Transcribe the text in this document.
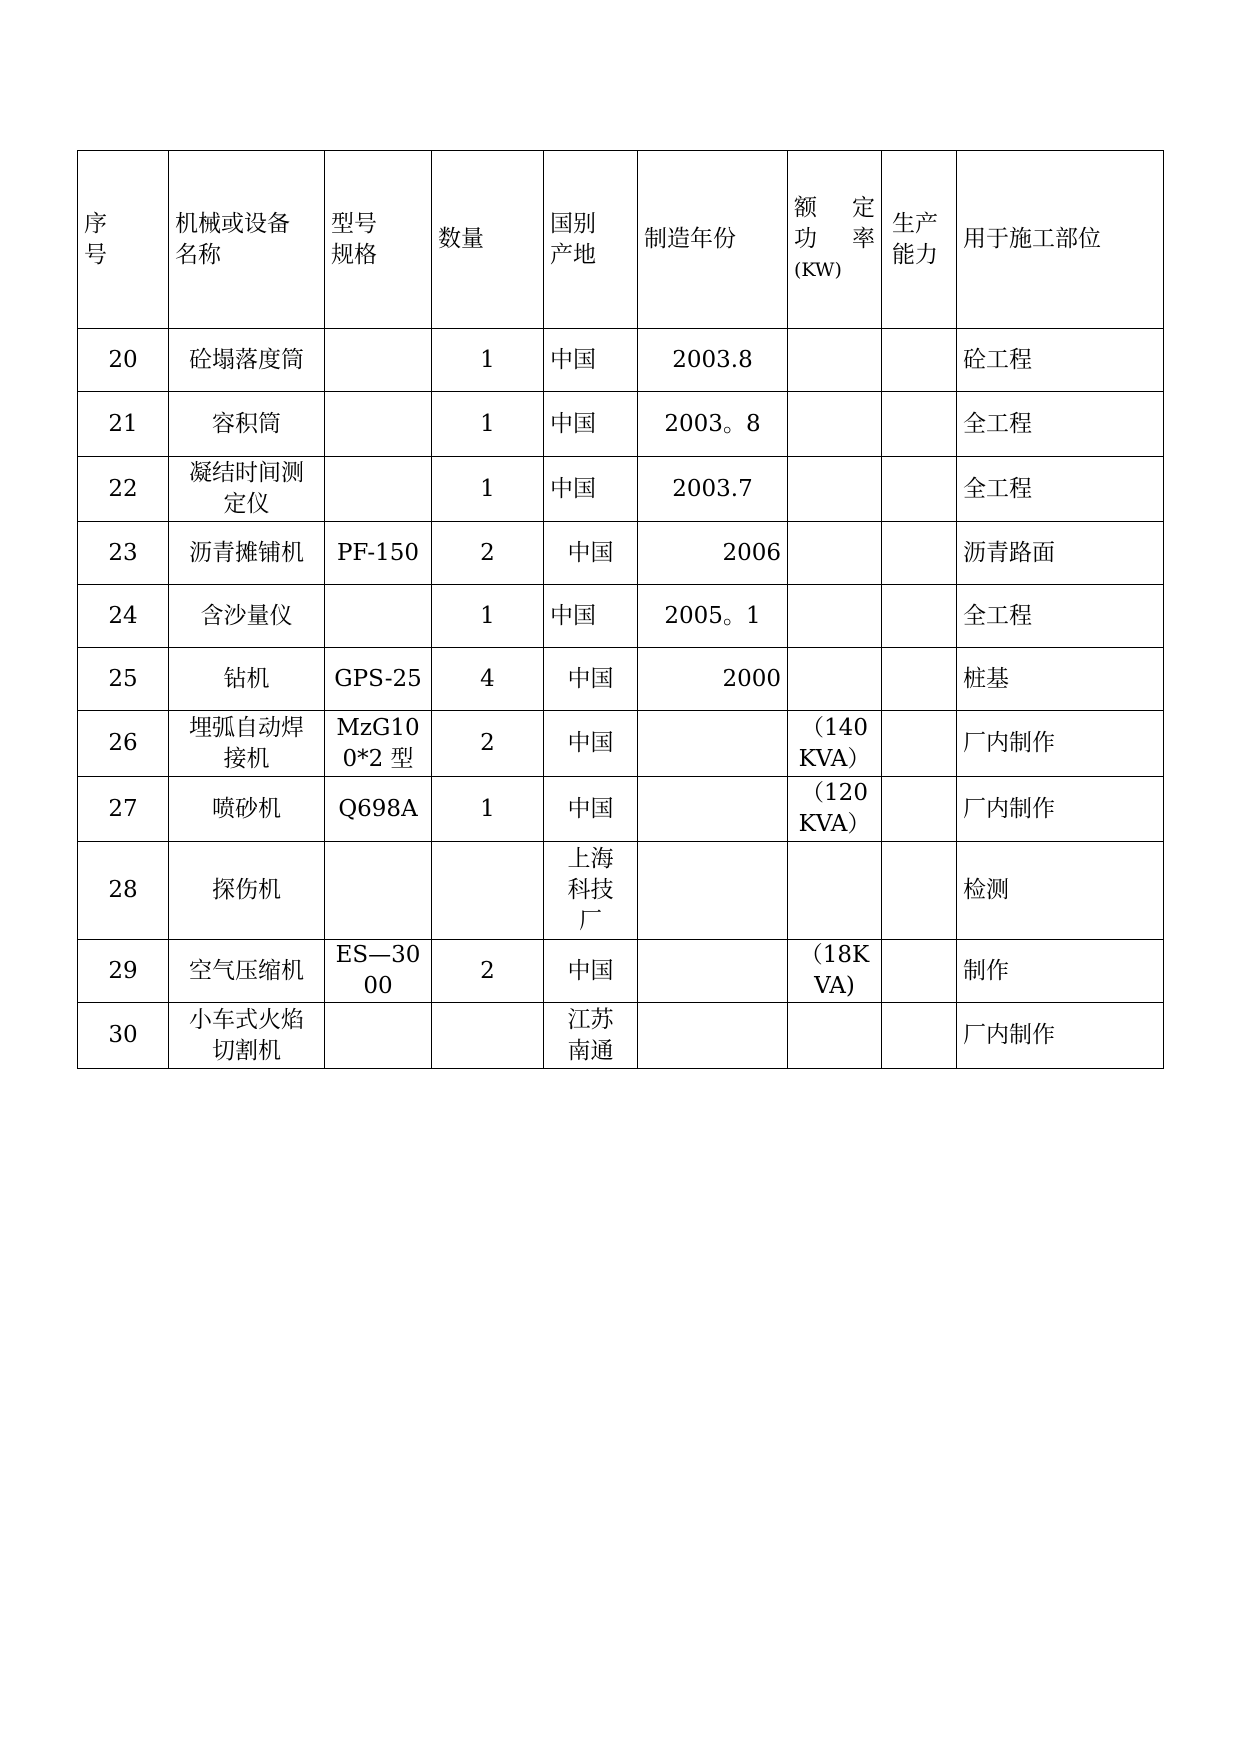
序
号	机械或设备
名称	型号
规格	数量	国别
产地	制造年份	额  定
功  率
(KW)	生产
能力	用于施工部位
20	砼塌落度筒		1	中国	2003.8			砼工程
21	容积筒		1	中国	2003。8			全工程
22	凝结时间测
定仪		1	中国	2003.7			全工程
23	沥青摊铺机	PF-150	2	中国	2006			沥青路面
24	含沙量仪		1	中国	2005。1			全工程
25	钻机	GPS-25	4	中国	2000			桩基
26	埋弧自动焊
接机	MzG10
0*2 型	2	中国		（140
KVA）		厂内制作
27	喷砂机	Q698A	1	中国		（120
KVA）		厂内制作
28	探伤机			上海
科技
厂				检测
29	空气压缩机	ES—30
00	2	中国		（18K
VA)		制作
30	小车式火焰
切割机			江苏
南通				厂内制作
